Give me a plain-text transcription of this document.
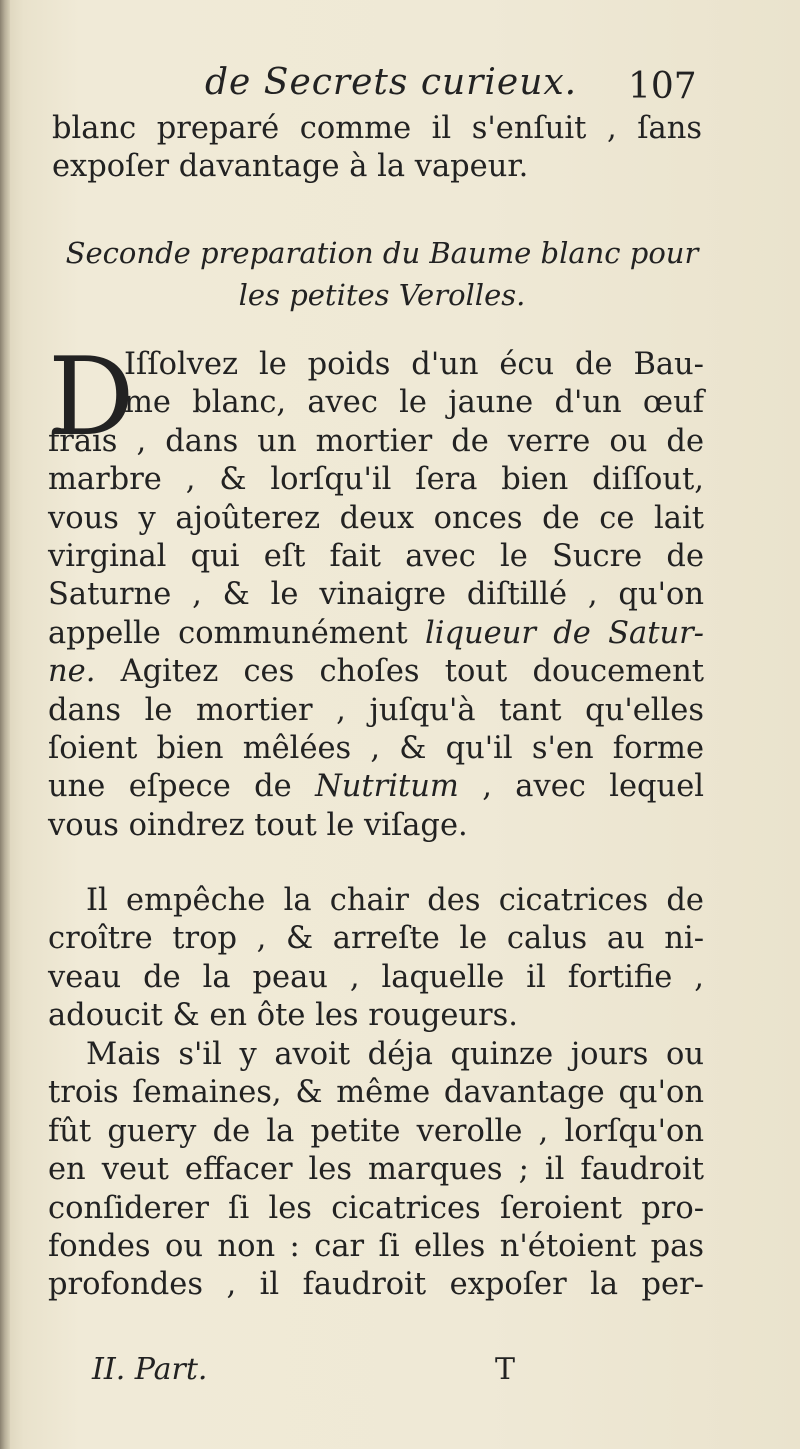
de Secrets curieux. 107
blanc preparé comme il s'enſuit , ſans
expoſer davantage à la vapeur.
Seconde preparation du Baume blanc pour
les petites Verolles.
D
Iſſolvez le poids d'un écu de Bau-
me blanc, avec le jaune d'un œuf
frais , dans un mortier de verre ou de
marbre , & lorſqu'il ſera bien diſſout,
vous y ajoûterez deux onces de ce lait
virginal qui eſt fait avec le Sucre de
Saturne , & le vinaigre diſtillé , qu'on
appelle communément liqueur de Satur-
ne. Agitez ces choſes tout doucement
dans le mortier , juſqu'à tant qu'elles
ſoient bien mêlées , & qu'il s'en forme
une eſpece de Nutritum , avec lequel
vous oindrez tout le viſage.
Il empêche la chair des cicatrices de
croître trop , & arreſte le calus au ni-
veau de la peau , laquelle il fortifie ,
adoucit & en ôte les rougeurs.
Mais s'il y avoit déja quinze jours ou
trois ſemaines, & même davantage qu'on
fût guery de la petite verolle , lorſqu'on
en veut effacer les marques ; il faudroit
conſiderer ſi les cicatrices ſeroient pro-
fondes ou non : car ſi elles n'étoient pas
profondes , il faudroit expoſer la per-
II. Part.	T
